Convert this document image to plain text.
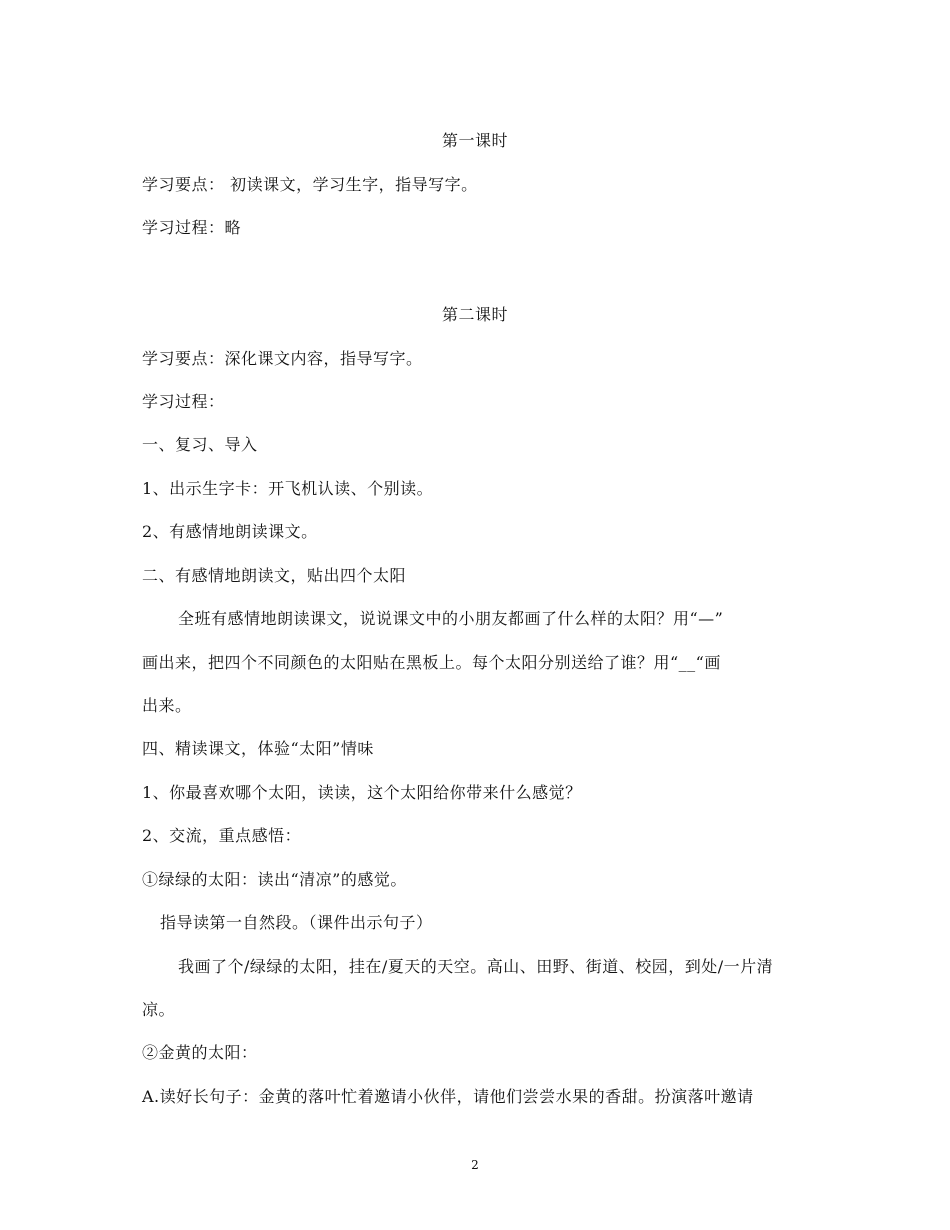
第一课时
学习要点： 初读课文，学习生字，指导写字。
学习过程：略
第二课时
学习要点：深化课文内容，指导写字。
学习过程：
一、复习、导入
1、出示生字卡：开飞机认读、个别读。
2、有感情地朗读课文。
二、有感情地朗读文，贴出四个太阳
全班有感情地朗读课文，说说课文中的小朋友都画了什么样的太阳？用“—”
画出来，把四个不同颜色的太阳贴在黑板上。每个太阳分别送给了谁？用“__“画
出来。
四、精读课文，体验“太阳”情味
1、你最喜欢哪个太阳，读读，这个太阳给你带来什么感觉？
2、交流，重点感悟：
①绿绿的太阳：读出“清凉”的感觉。
指导读第一自然段。（课件出示句子）
我画了个/绿绿的太阳，挂在/夏天的天空。高山、田野、街道、校园，到处/一片清
凉。
②金黄的太阳：
A.读好长句子：金黄的落叶忙着邀请小伙伴，请他们尝尝水果的香甜。扮演落叶邀请
2
